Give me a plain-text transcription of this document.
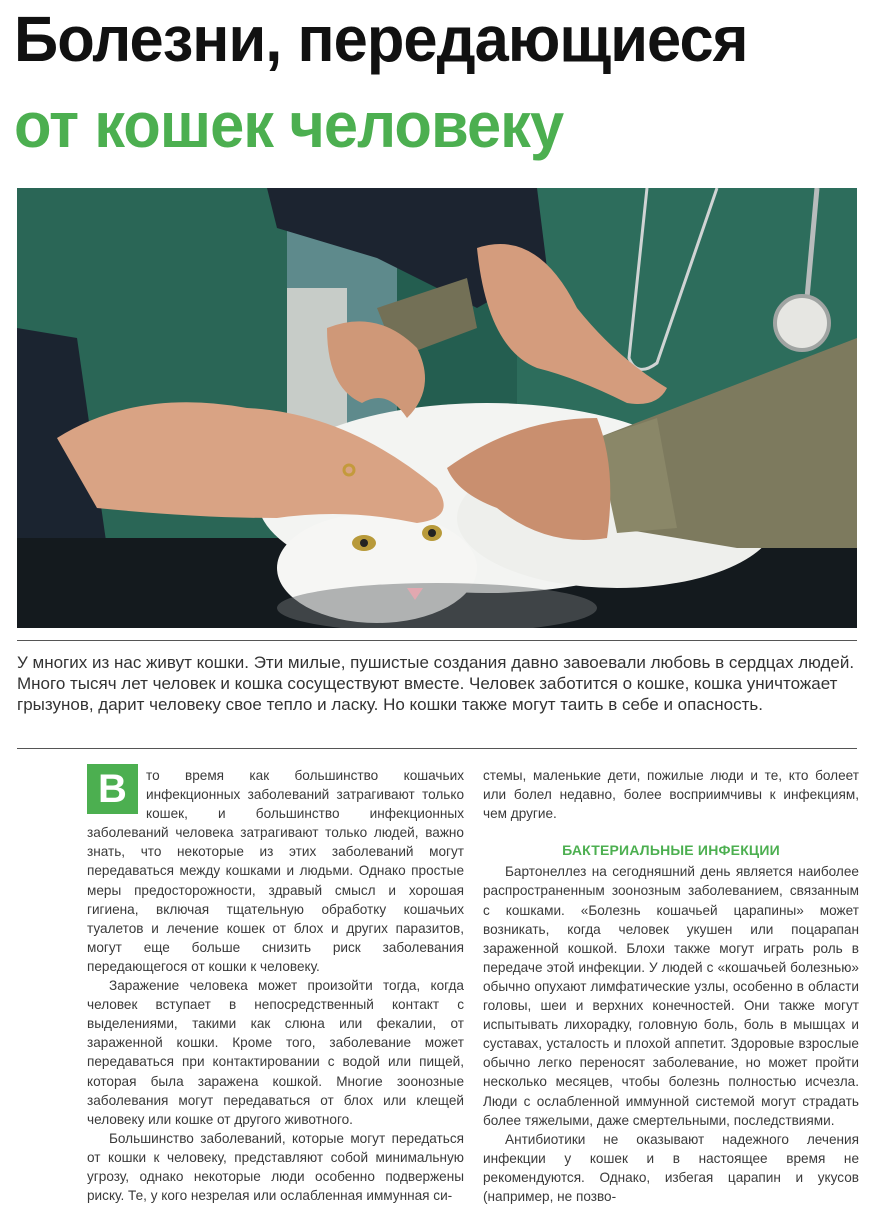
Болезни, передающиеся
от кошек человеку
У многих из нас живут кошки. Эти милые, пушистые создания давно завоевали любовь в сердцах людей. Много тысяч лет человек и кошка сосуществуют вместе. Человек заботится о кошке, кошка уничтожает грызунов, дарит человеку свое тепло и ласку. Но кошки также могут таить в себе и опасность.
В	то время как большинство кошачьих инфекционных заболеваний затрагивают только кошек, и большинство инфекционных заболеваний человека затрагивают только людей, важно знать, что некоторые из этих заболеваний могут передаваться между кошками и людьми. Однако простые меры предосторожности, здравый смысл и хорошая гигиена, включая тщательную обработку кошачьих туалетов и лечение кошек от блох и других паразитов, могут еще больше снизить риск заболевания передающегося от кошки к человеку.

Заражение человека может произойти тогда, когда человек вступает в непосредственный контакт с выделениями, такими как слюна или фекалии, от зараженной кошки. Кроме того, заболевание может передаваться при контактировании с водой или пищей, которая была заражена кошкой. Многие зоонозные заболевания могут передаваться от блох или клещей человеку или кошке от другого животного.

Большинство заболеваний, которые могут передаться от кошки к человеку, представляют собой минимальную угрозу, однако некоторые люди особенно подвержены риску. Те, у кого незрелая или ослабленная иммунная си-

стемы, маленькие дети, пожилые люди и те, кто болеет или болел недавно, более восприимчивы к инфекциям, чем другие.

БАКТЕРИАЛЬНЫЕ ИНФЕКЦИИ

Бартонеллез на сегодняшний день является наиболее распространенным зоонозным заболеванием, связанным с кошками. «Болезнь кошачьей царапины» может возникать, когда человек укушен или поцарапан зараженной кошкой. Блохи также могут играть роль в передаче этой инфекции. У людей с «кошачьей болезнью» обычно опухают лимфатические узлы, особенно в области головы, шеи и верхних конечностей. Они также могут испытывать лихорадку, головную боль, боль в мышцах и суставах, усталость и плохой аппетит. Здоровые взрослые обычно легко переносят заболевание, но может пройти несколько месяцев, чтобы болезнь полностью исчезла. Люди с ослабленной иммунной системой могут страдать более тяжелыми, даже смертельными, последствиями.

Антибиотики не оказывают надежного лечения инфекции у кошек и в настоящее время не рекомендуются. Однако, избегая царапин и укусов (например, не позво-
